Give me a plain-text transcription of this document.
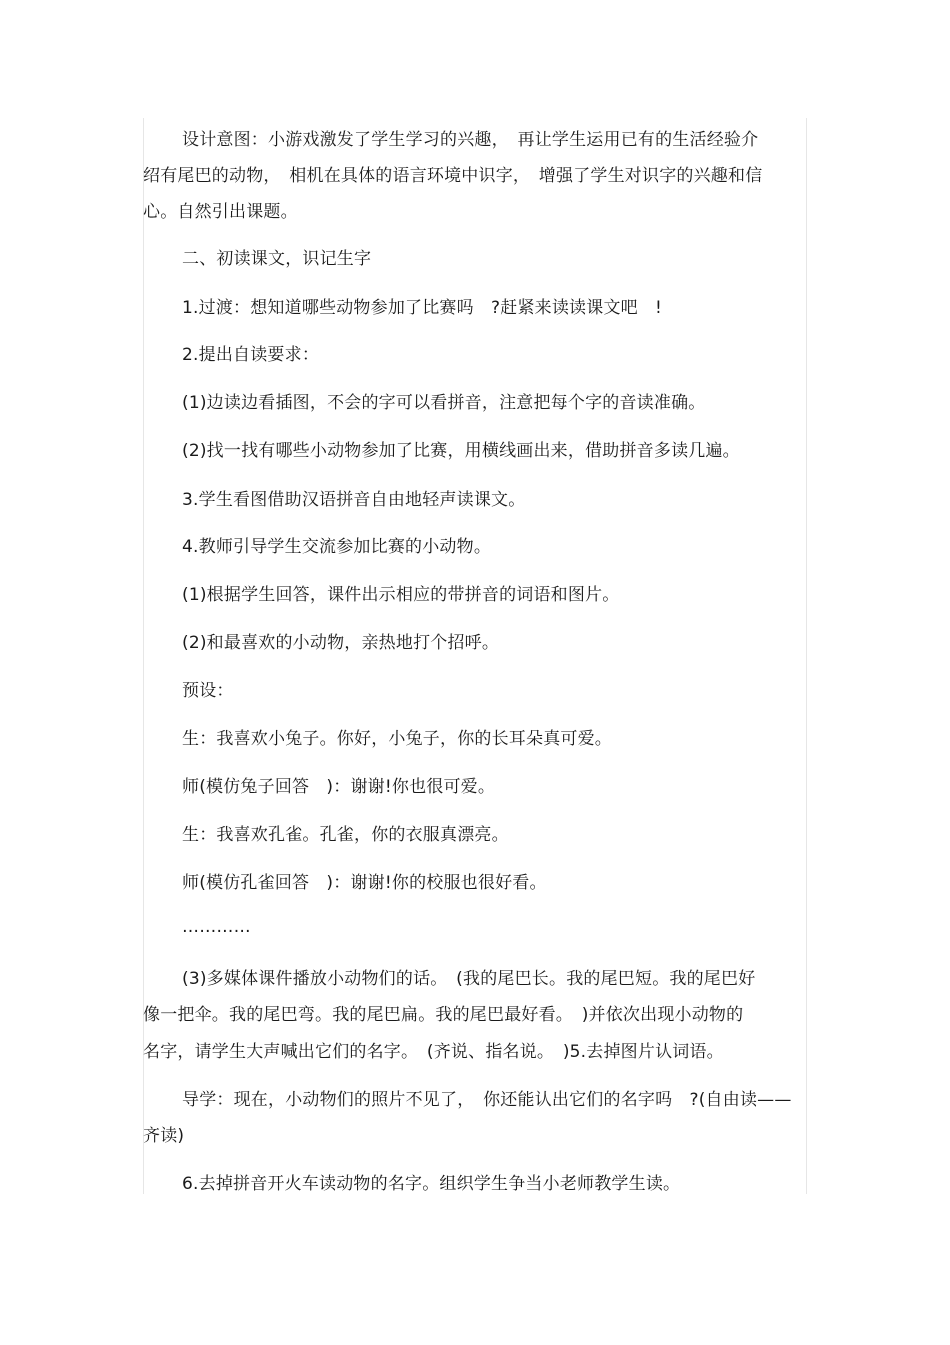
设计意图：小游戏激发了学生学习的兴趣，　再让学生运用已有的生活经验介
绍有尾巴的动物，　相机在具体的语言环境中识字，　增强了学生对识字的兴趣和信
心。自然引出课题。
二、初读课文，识记生字
1.过渡：想知道哪些动物参加了比赛吗　?赶紧来读读课文吧　!
2.提出自读要求：
(1)边读边看插图，不会的字可以看拼音，注意把每个字的音读准确。
(2)找一找有哪些小动物参加了比赛，用横线画出来，借助拼音多读几遍。
3.学生看图借助汉语拼音自由地轻声读课文。
4.教师引导学生交流参加比赛的小动物。
(1)根据学生回答，课件出示相应的带拼音的词语和图片。
(2)和最喜欢的小动物，亲热地打个招呼。
预设：
生：我喜欢小兔子。你好，小兔子，你的长耳朵真可爱。
师(模仿兔子回答　)：谢谢!你也很可爱。
生：我喜欢孔雀。孔雀，你的衣服真漂亮。
师(模仿孔雀回答　)：谢谢!你的校服也很好看。
…………
(3)多媒体课件播放小动物们的话。　(我的尾巴长。我的尾巴短。我的尾巴好
像一把伞。我的尾巴弯。我的尾巴扁。我的尾巴最好看。　)并依次出现小动物的
名字，请学生大声喊出它们的名字。　(齐说、指名说。　)5.去掉图片认词语。
导学：现在，小动物们的照片不见了，　你还能认出它们的名字吗　?(自由读——
齐读)
6.去掉拼音开火车读动物的名字。组织学生争当小老师教学生读。
